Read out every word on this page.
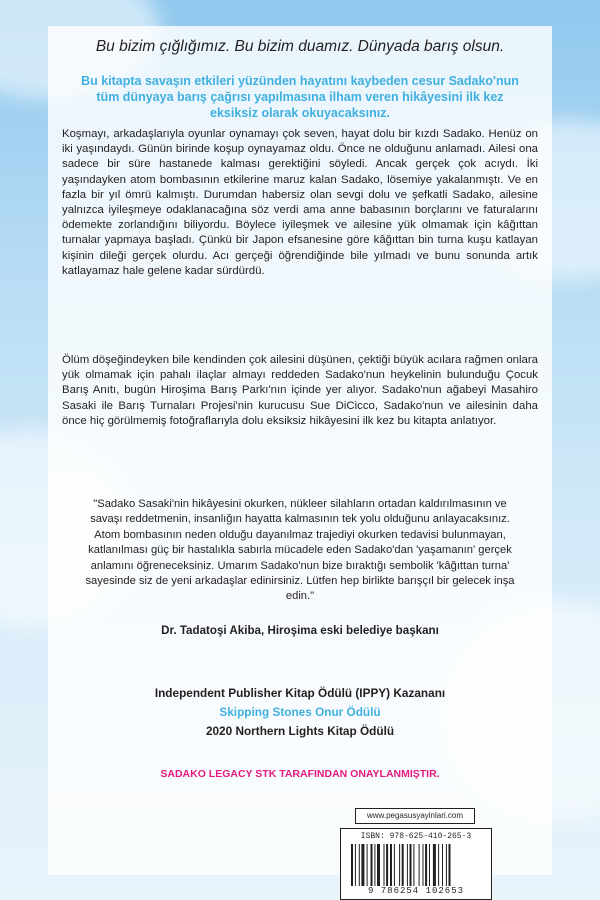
Bu bizim çığlığımız. Bu bizim duamız. Dünyada barış olsun.
Bu kitapta savaşın etkileri yüzünden hayatını kaybeden cesur Sadako'nun tüm dünyaya barış çağrısı yapılmasına ilham veren hikâyesini ilk kez eksiksiz olarak okuyacaksınız.

Koşmayı, arkadaşlarıyla oyunlar oynamayı çok seven, hayat dolu bir kızdı Sadako. Henüz on iki yaşındaydı. Günün birinde koşup oynayamaz oldu. Önce ne olduğunu anlamadı. Ailesi ona sadece bir süre hastanede kalması gerektiğini söyledi. Ancak gerçek çok acıydı. İki yaşındayken atom bombasının etkilerine maruz kalan Sadako, lösemiye yakalanmıştı. Ve en fazla bir yıl ömrü kalmıştı. Durumdan habersiz olan sevgi dolu ve şefkatli Sadako, ailesine yalnızca iyileşmeye odaklanacağına söz verdi ama anne babasının borçlarını ve faturalarını ödemekte zorlandığını biliyordu. Böylece iyileşmek ve ailesine yük olmamak için kâğıttan turnalar yapmaya başladı. Çünkü bir Japon efsanesine göre kâğıttan bin turna kuşu katlayan kişinin dileği gerçek olurdu. Acı gerçeği öğrendiğinde bile yılmadı ve bunu sonunda artık katlayamaz hale gelene kadar sürdürdü.

Ölüm döşeğindeyken bile kendinden çok ailesini düşünen, çektiği büyük acılara rağmen onlara yük olmamak için pahalı ilaçlar almayı reddeden Sadako'nun heykelinin bulunduğu Çocuk Barış Anıtı, bugün Hiroşima Barış Parkı'nın içinde yer alıyor. Sadako'nun ağabeyi Masahiro Sasaki ile Barış Turnaları Projesi'nin kurucusu Sue DiCicco, Sadako'nun ve ailesinin daha önce hiç görülmemiş fotoğraflarıyla dolu eksiksiz hikâyesini ilk kez bu kitapta anlatıyor.

"Sadako Sasaki'nin hikâyesini okurken, nükleer silahların ortadan kaldırılmasının ve savaşı reddetmenin, insanlığın hayatta kalmasının tek yolu olduğunu anlayacaksınız. Atom bombasının neden olduğu dayanılmaz trajediyi okurken tedavisi bulunmayan, katlanılması güç bir hastalıkla sabırla mücadele eden Sadako'dan 'yaşamanın' gerçek anlamını öğreneceksiniz. Umarım Sadako'nun bize bıraktığı sembolik 'kâğıttan turna' sayesinde siz de yeni arkadaşlar edinirsiniz. Lütfen hep birlikte barışçıl bir gelecek inşa edin."

Dr. Tadatoşi Akiba, Hiroşima eski belediye başkanı
Independent Publisher Kitap Ödülü (IPPY) Kazananı
Skipping Stones Onur Ödülü
2020 Northern Lights Kitap Ödülü
SADAKO LEGACY STK TARAFINDAN ONAYLANMIŞTIR.
www.pegasusyayinlari.com
ISBN: 978-625-410-265-3
9 786254 102653
